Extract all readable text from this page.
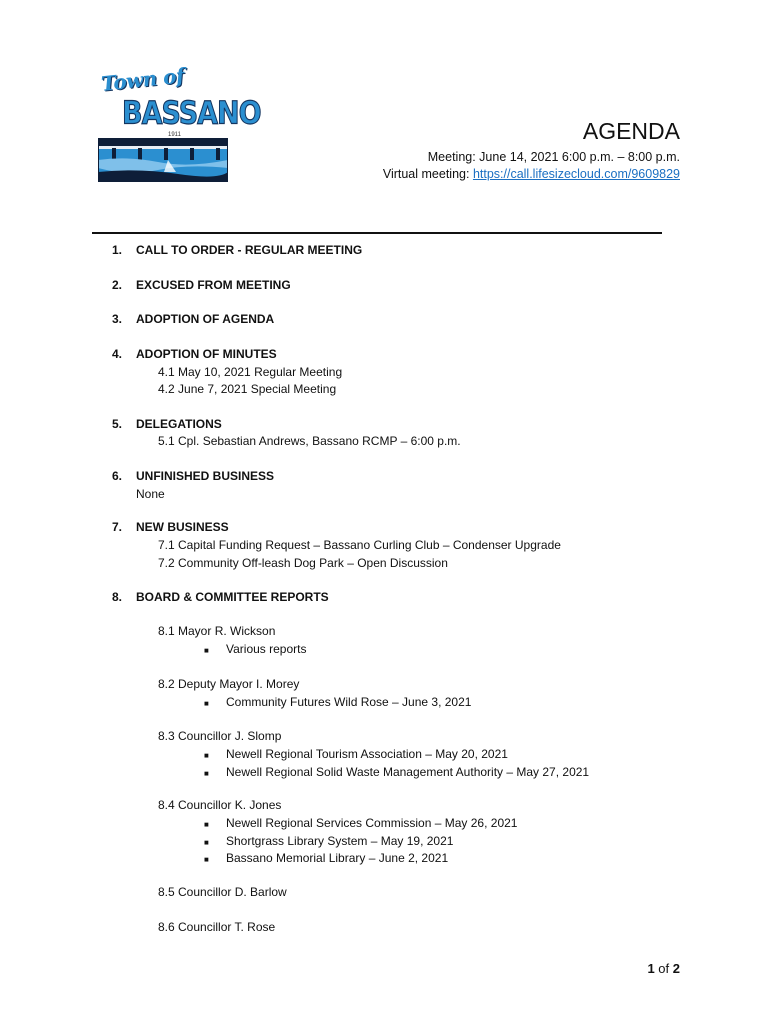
Town of
BASSANO
1911	AGENDA
Meeting: June 14, 2021 6:00 p.m. – 8:00 p.m.
Virtual meeting: https://call.lifesizecloud.com/9609829
1. CALL TO ORDER - REGULAR MEETING
2. EXCUSED FROM MEETING
3. ADOPTION OF AGENDA
4. ADOPTION OF MINUTES
4.1 May 10, 2021 Regular Meeting
4.2 June 7, 2021 Special Meeting
5. DELEGATIONS
5.1 Cpl. Sebastian Andrews, Bassano RCMP – 6:00 p.m.
6. UNFINISHED BUSINESS
None
7. NEW BUSINESS
7.1 Capital Funding Request – Bassano Curling Club – Condenser Upgrade
7.2 Community Off-leash Dog Park – Open Discussion
8. BOARD & COMMITTEE REPORTS
8.1 Mayor R. Wickson
■ Various reports
8.2 Deputy Mayor I. Morey
■ Community Futures Wild Rose – June 3, 2021
8.3 Councillor J. Slomp
■ Newell Regional Tourism Association – May 20, 2021
■ Newell Regional Solid Waste Management Authority – May 27, 2021
8.4 Councillor K. Jones
■ Newell Regional Services Commission – May 26, 2021
■ Shortgrass Library System – May 19, 2021
■ Bassano Memorial Library – June 2, 2021
8.5 Councillor D. Barlow
8.6 Councillor T. Rose
1 of 2
